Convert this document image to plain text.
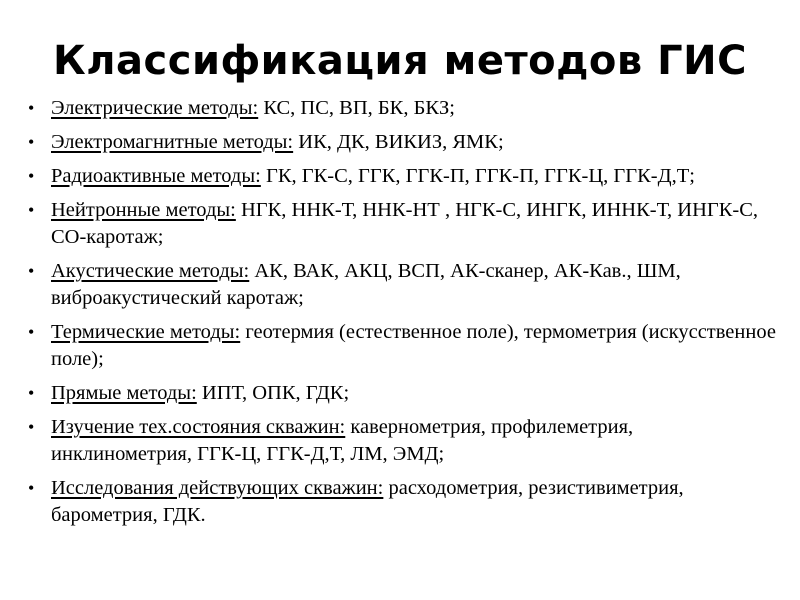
Классификация методов ГИС
• Электрические методы: КС, ПС, ВП, БК, БКЗ;
• Электромагнитные методы: ИК, ДК, ВИКИЗ, ЯМК;
• Радиоактивные методы: ГК, ГК-С, ГГК, ГГК-П, ГГК-П, ГГК-Ц, ГГК-Д,Т;
• Нейтронные методы: НГК, ННК-Т, ННК-НТ , НГК-С, ИНГК, ИННК-Т, ИНГК-С, СО-каротаж;
• Акустические методы: АК, ВАК, АКЦ, ВСП, АК-сканер, АК-Кав., ШМ, виброакустический каротаж;
• Термические методы: геотермия (естественное поле), термометрия (искусственное поле);
• Прямые методы: ИПТ, ОПК, ГДК;
• Изучение тех.состояния скважин: кавернометрия, профилеметрия, инклинометрия, ГГК-Ц, ГГК-Д,Т, ЛМ, ЭМД;
• Исследования действующих скважин: расходометрия, резистивиметрия, барометрия, ГДК.
